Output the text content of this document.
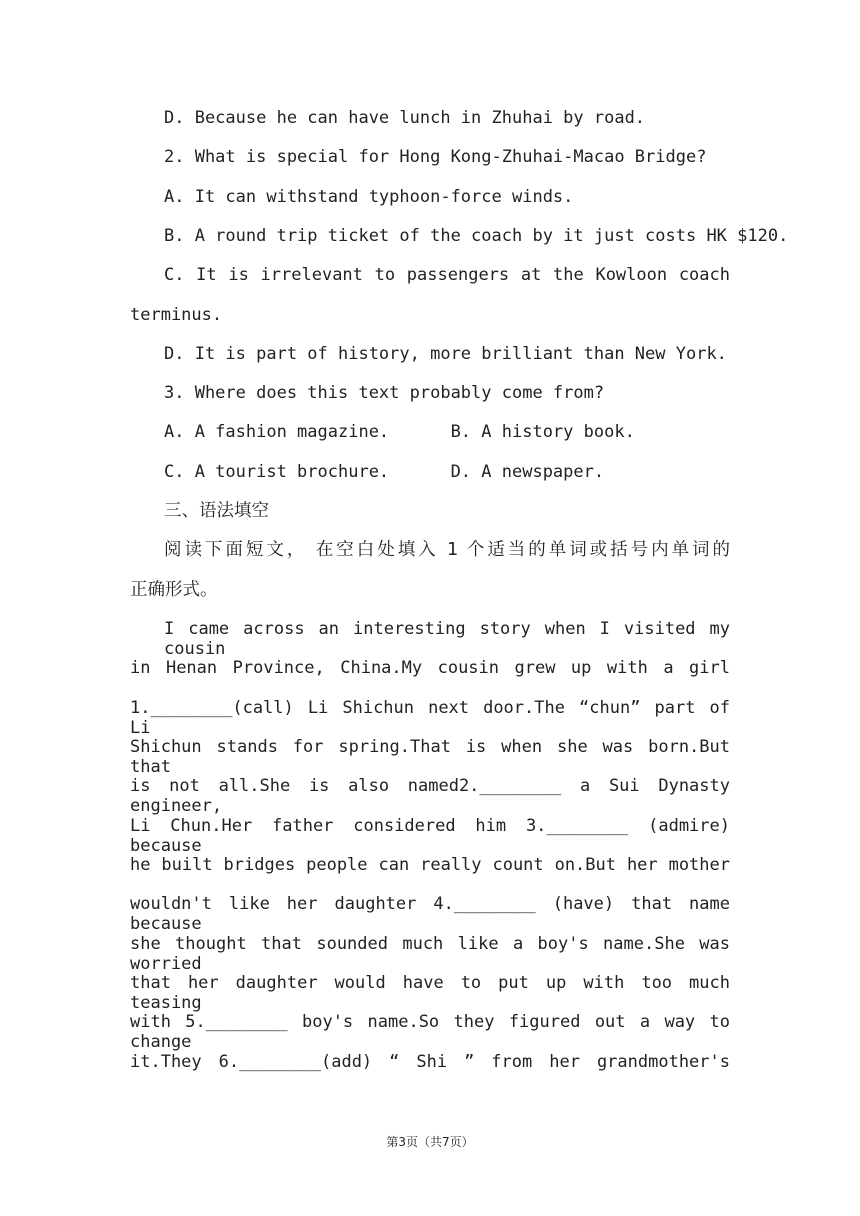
D. Because he can have lunch in Zhuhai by road.

2. What is special for Hong Kong-Zhuhai-Macao Bridge?

A. It can withstand typhoon-force winds.

B. A round trip ticket of the coach by it just costs HK $120.

C. It is irrelevant to passengers at the Kowloon coach

terminus.

D. It is part of history, more brilliant than New York.

3. Where does this text probably come from?

A. A fashion magazine.      B. A history book.

C. A tourist brochure.      D. A newspaper.

三、语法填空

阅读下面短文， 在空白处填入 1 个适当的单词或括号内单词的

正确形式。

I came across an interesting story when I visited my cousin

in Henan Province, China.My cousin grew up with a girl

1.________(call) Li Shichun next door.The “chun” part of Li

Shichun stands for spring.That is when she was born.But that

is not all.She is also named2.________ a Sui Dynasty engineer,

Li Chun.Her father considered him 3.________ (admire) because

he built bridges people can really count on.But her mother

wouldn't like her daughter 4.________ (have) that name because

she thought that sounded much like a boy's name.She was worried

that her daughter would have to put up with too much teasing

with 5.________ boy's name.So they figured out a way to change

it.They 6.________(add) “ Shi ” from her grandmother's

第3页（共7页）
